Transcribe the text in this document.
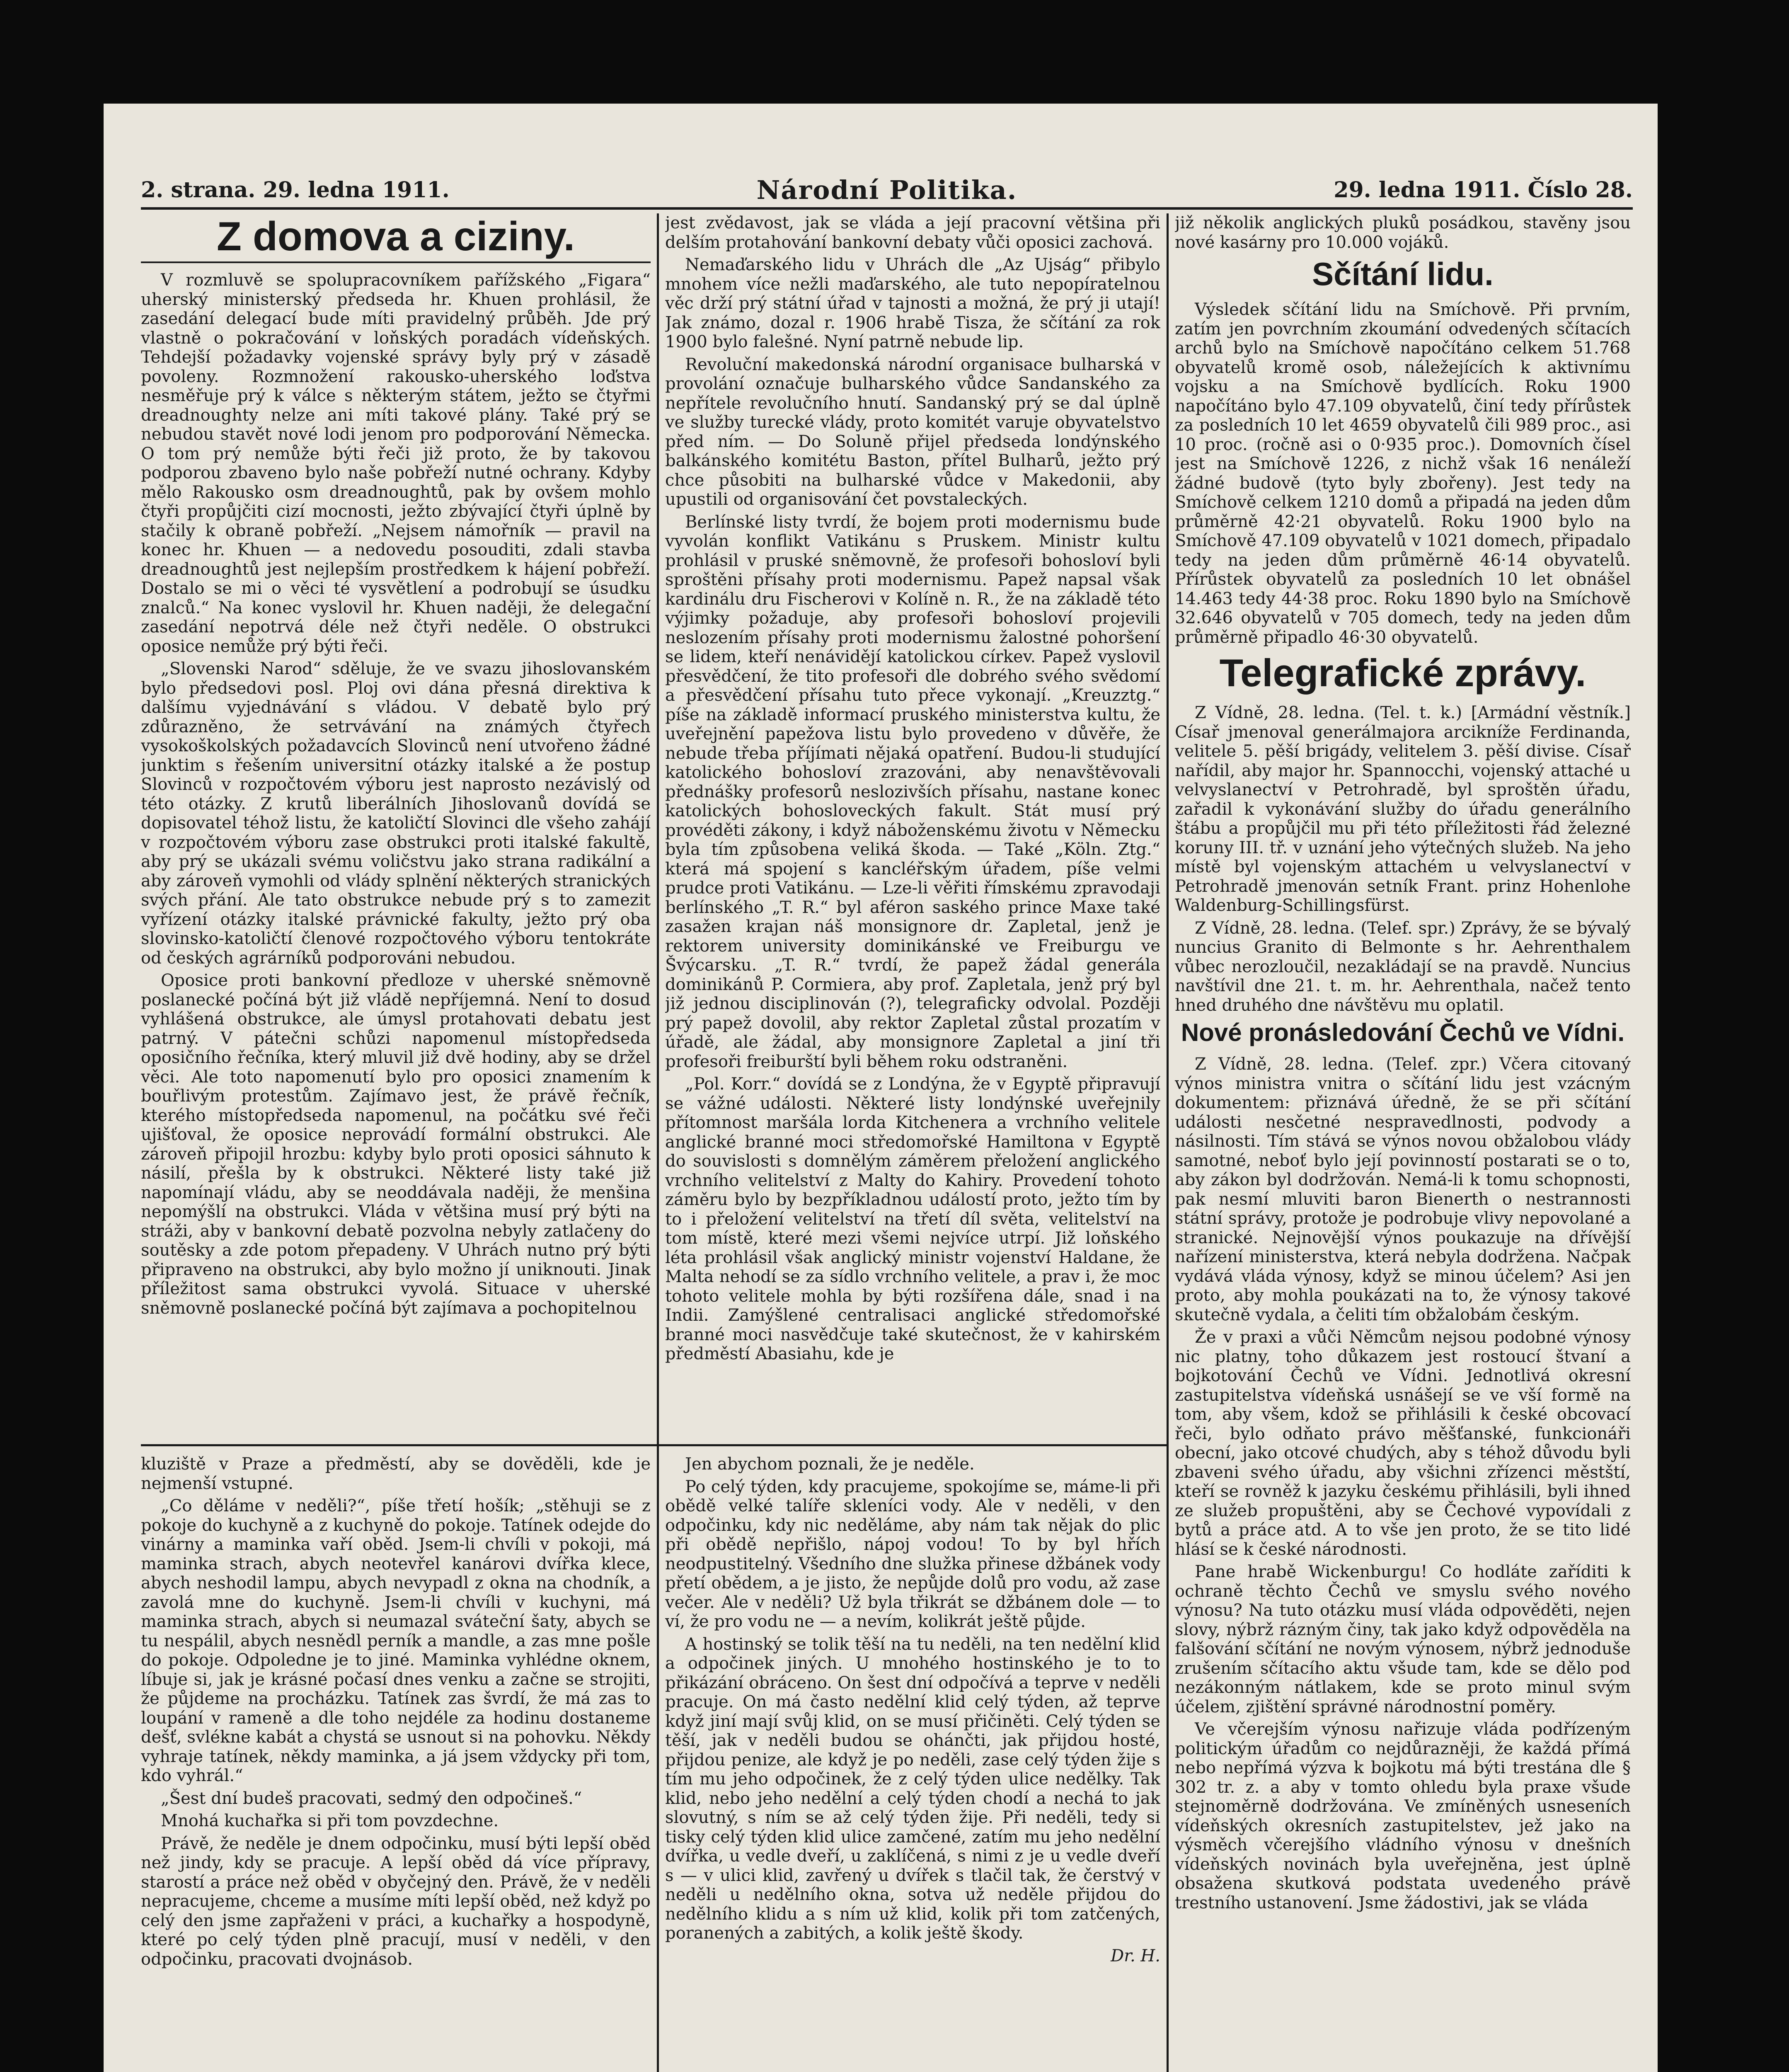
2. strana. 29. ledna 1911.	Národní Politika.	29. ledna 1911. Číslo 28.
Z domova a ciziny.

V rozmluvě se spolupracovníkem pařížského „Figara“ uherský ministerský předseda hr. Khuen prohlásil, že zasedání delegací bude míti pravidelný průběh. Jde prý vlastně o pokračování v loňských poradách vídeňských. Tehdejší požadavky vojenské správy byly prý v zásadě povoleny. Rozmnožení rakousko-uherského loďstva nesměřuje prý k válce s některým státem, ježto se čtyřmi dreadnoughty nelze ani míti takové plány. Také prý se nebudou stavět nové lodi jenom pro podporování Německa. O tom prý nemůže býti řeči již proto, že by takovou podporou zbaveno bylo naše pobřeží nutné ochrany. Kdyby mělo Rakousko osm dreadnoughtů, pak by ovšem mohlo čtyři propůjčiti cizí mocnosti, ježto zbývající čtyři úplně by stačily k obraně pobřeží. „Nejsem námořník — pravil na konec hr. Khuen — a nedovedu posouditi, zdali stavba dreadnoughtů jest nejlepším prostředkem k hájení pobřeží. Dostalo se mi o věci té vysvětlení a podrobují se úsudku znalců.“ Na konec vyslovil hr. Khuen naději, že delegační zasedání nepotrvá déle než čtyři neděle. O obstrukci oposice nemůže prý býti řeči.

„Slovenski Narod“ sděluje, že ve svazu jihoslovanském bylo předsedovi posl. Ploj ovi dána přesná direktiva k dalšímu vyjednávání s vládou. V debatě bylo prý zdůrazněno, že setrvávání na známých čtyřech vysokoškolských požadavcích Slovinců není utvořeno žádné junktim s řešením universitní otázky italské a že postup Slovinců v rozpočtovém výboru jest naprosto nezávislý od této otázky. Z krutů liberálních Jihoslovanů dovídá se dopisovatel téhož listu, že katoličtí Slovinci dle všeho zahájí v rozpočtovém výboru zase obstrukci proti italské fakultě, aby prý se ukázali svému voličstvu jako strana radikální a aby zároveň vymohli od vlády splnění některých stranických svých přání. Ale tato obstrukce nebude prý s to zamezit vyřízení otázky italské právnické fakulty, ježto prý oba slovinsko-katoličtí členové rozpočtového výboru tentokráte od českých agrárníků podporováni nebudou.

Oposice proti bankovní předloze v uherské sněmovně poslanecké počíná být již vládě nepříjemná. Není to dosud vyhlášená obstrukce, ale úmysl protahovati debatu jest patrný. V pátečni schůzi napomenul místopředseda oposičního řečníka, který mluvil již dvě hodiny, aby se držel věci. Ale toto napomenutí bylo pro oposici znamením k bouřlivým protestům. Zajímavo jest, že právě řečník, kterého místopředseda napomenul, na počátku své řeči ujišťoval, že oposice neprovádí formální obstrukci. Ale zároveň připojil hrozbu: kdyby bylo proti oposici sáhnuto k násilí, přešla by k obstrukci. Některé listy také již napomínají vládu, aby se neoddávala naději, že menšina nepomýšlí na obstrukci. Vláda v většina musí prý býti na stráži, aby v bankovní debatě pozvolna nebyly zatlačeny do soutěsky a zde potom přepadeny. V Uhrách nutno prý býti připraveno na obstrukci, aby bylo možno jí uniknouti. Jinak příležitost sama obstrukci vyvolá. Situace v uherské sněmovně poslanecké počíná být zajímava a pochopitelnou

jest zvědavost, jak se vláda a její pracovní většina při delším protahování bankovní debaty vůči oposici zachová.

Nemaďarského lidu v Uhrách dle „Az Ujság“ přibylo mnohem více nežli maďarského, ale tuto nepopíratelnou věc drží prý státní úřad v tajnosti a možná, že prý ji utají! Jak známo, dozal r. 1906 hrabě Tisza, že sčítání za rok 1900 bylo falešné. Nyní patrně nebude lip.

Revoluční makedonská národní organisace bulharská v provolání označuje bulharského vůdce Sandanského za nepřítele revolučního hnutí. Sandanský prý se dal úplně ve služby turecké vlády, proto komitét varuje obyvatelstvo před ním. — Do Soluně přijel předseda londýnského balkánského komitétu Baston, přítel Bulharů, ježto prý chce působiti na bulharské vůdce v Makedonii, aby upustili od organisování čet povstaleckých.

Berlínské listy tvrdí, že bojem proti modernismu bude vyvolán konflikt Vatikánu s Pruskem. Ministr kultu prohlásil v pruské sněmovně, že profesoři bohosloví byli sproštěni přísahy proti modernismu. Papež napsal však kardinálu dru Fischerovi v Kolíně n. R., že na základě této výjimky požaduje, aby profesoři bohosloví projevili neslozením přísahy proti modernismu žalostné pohoršení se lidem, kteří nenávidějí katolickou církev. Papež vyslovil přesvědčení, že tito profesoři dle dobrého svého svědomí a přesvědčení přísahu tuto přece vykonají. „Kreuzztg.“ píše na základě informací pruského ministerstva kultu, že uveřejnění papežova listu bylo provedeno v důvěře, že nebude třeba příjímati nějaká opatření. Budou-li studující katolického bohosloví zrazováni, aby nenavštěvovali přednášky profesorů neslozivších přísahu, nastane konec katolických bohosloveckých fakult. Stát musí prý provéděti zákony, i když náboženskému životu v Německu byla tím způsobena veliká škoda. — Také „Köln. Ztg.“ která má spojení s kancléřským úřadem, píše velmi prudce proti Vatikánu. — Lze-li věřiti římskému zpravodaji berlínského „T. R.“ byl aféron saského prince Maxe také zasažen krajan náš monsignore dr. Zapletal, jenž je rektorem university dominikánské ve Freiburgu ve Švýcarsku. „T. R.“ tvrdí, že papež žádal generála dominikánů P. Cormiera, aby prof. Zapletala, jenž prý byl již jednou disciplinován (?), telegraficky odvolal. Později prý papež dovolil, aby rektor Zapletal zůstal prozatím v úřadě, ale žádal, aby monsignore Zapletal a jiní tři profesoři freiburští byli během roku odstraněni.

„Pol. Korr.“ dovídá se z Londýna, že v Egyptě připravují se vážné události. Některé listy londýnské uveřejnily přítomnost maršála lorda Kitchenera a vrchního velitele anglické branné moci středomořské Hamiltona v Egyptě do souvislosti s domnělým záměrem přeložení anglického vrchního velitelství z Malty do Kahiry. Provedení tohoto záměru bylo by bezpříkladnou událostí proto, ježto tím by to i přeložení velitelství na třetí díl světa, velitelství na tom místě, které mezi všemi nejvíce utrpí. Již loňského léta prohlásil však anglický ministr vojenství Haldane, že Malta nehodí se za sídlo vrchního velitele, a prav i, že moc tohoto velitele mohla by býti rozšířena dále, snad i na Indii. Zamýšlené centralisaci anglické středomořské branné moci nasvědčuje také skutečnost, že v kahirském předměstí Abasiahu, kde je

již několik anglických pluků posádkou, stavěny jsou nové kasárny pro 10.000 vojáků.

Sčítání lidu.

Výsledek sčítání lidu na Smíchově. Při prvním, zatím jen povrchním zkoumání odvedených sčítacích archů bylo na Smíchově napočítáno celkem 51.768 obyvatelů kromě osob, náležejících k aktivnímu vojsku a na Smíchově bydlících. Roku 1900 napočítáno bylo 47.109 obyvatelů, činí tedy přírůstek za posledních 10 let 4659 obyvatelů čili 989 proc., asi 10 proc. (ročně asi o 0·935 proc.). Domovních čísel jest na Smíchově 1226, z nichž však 16 nenáleží žádné budově (tyto byly zbořeny). Jest tedy na Smíchově celkem 1210 domů a připadá na jeden dům průměrně 42·21 obyvatelů. Roku 1900 bylo na Smíchově 47.109 obyvatelů v 1021 domech, připadalo tedy na jeden dům průměrně 46·14 obyvatelů. Přírůstek obyvatelů za posledních 10 let obnášel 14.463 tedy 44·38 proc. Roku 1890 bylo na Smíchově 32.646 obyvatelů v 705 domech, tedy na jeden dům průměrně připadlo 46·30 obyvatelů.

Telegrafické zprávy.

Z Vídně, 28. ledna. (Tel. t. k.) [Armádní věstník.] Císař jmenoval generálmajora arcikníže Ferdinanda, velitele 5. pěší brigády, velitelem 3. pěší divise. Císař nařídil, aby major hr. Spannocchi, vojenský attaché u velvyslanectví v Petrohradě, byl sproštěn úřadu, zařadil k vykonávání služby do úřadu generálního štábu a propůjčil mu při této příležitosti řád železné koruny III. tř. v uznání jeho výtečných služeb. Na jeho místě byl vojenským attachém u velvyslanectví v Petrohradě jmenován setník Frant. prinz Hohenlohe Waldenburg-Schillingsfürst.

Z Vídně, 28. ledna. (Telef. spr.) Zprávy, že se bývalý nuncius Granito di Belmonte s hr. Aehrenthalem vůbec nerozloučil, nezakládají se na pravdě. Nuncius navštívil dne 21. t. m. hr. Aehrenthala, načež tento hned druhého dne návštěvu mu oplatil.

Nové pronásledování Čechů ve Vídni.

Z Vídně, 28. ledna. (Telef. zpr.) Včera citovaný výnos ministra vnitra o sčítání lidu jest vzácným dokumentem: přiznává úředně, že se při sčítání události nesčetné nespravedlnosti, podvody a násilnosti. Tím stává se výnos novou obžalobou vlády samotné, neboť bylo její povinností postarati se o to, aby zákon byl dodržován. Nemá-li k tomu schopnosti, pak nesmí mluviti baron Bienerth o nestrannosti státní správy, protože je podrobuje vlivy nepovolané a stranické. Nejnovější výnos poukazuje na dřívější nařízení ministerstva, která nebyla dodržena. Načpak vydává vláda výnosy, když se minou účelem? Asi jen proto, aby mohla poukázati na to, že výnosy takové skutečně vydala, a čeliti tím obžalobám českým.

Že v praxi a vůči Němcům nejsou podobné výnosy nic platny, toho důkazem jest rostoucí štvaní a bojkotování Čechů ve Vídni. Jednotlivá okresní zastupitelstva vídeňská usnášejí se ve vší formě na tom, aby všem, kdož se přihlásili k české obcovací řeči, bylo odňato právo měšťanské, funkcionáři obecní, jako otcové chudých, aby s téhož důvodu byli zbaveni svého úřadu, aby všichni zřízenci městští, kteří se rovněž k jazyku českému přihlásili, byli ihned ze služeb propuštěni, aby se Čechové vypovídali z bytů a práce atd. A to vše jen proto, že se tito lidé hlásí se k české národnosti.

Pane hrabě Wickenburgu! Co hodláte zaříditi k ochraně těchto Čechů ve smyslu svého nového výnosu? Na tuto otázku musí vláda odpověděti, nejen slovy, nýbrž rázným činy, tak jako když odpověděla na falšování sčítání ne novým výnosem, nýbrž jednoduše zrušením sčítacího aktu všude tam, kde se dělo pod nezákonným nátlakem, kde se proto minul svým účelem, zjištění správné národnostní poměry.

Ve včerejším výnosu nařizuje vláda podřízeným politickým úřadům co nejdůrazněji, že každá přímá nebo nepřímá výzva k bojkotu má býti trestána dle § 302 tr. z. a aby v tomto ohledu byla praxe všude stejnoměrně dodržována. Ve zmíněných usneseních vídeňských okresních zastupitelstev, jež jako na výsměch včerejšího vládního výnosu v dnešních vídeňských novinách byla uveřejněna, jest úplně obsažena skutková podstata uvedeného právě trestního ustanovení. Jsme žádostivi, jak se vláda

kluziště v Praze a předměstí, aby se dověděli, kde je nejmenší vstupné.

„Co děláme v neděli?“, píše třetí hošík; „stěhuji se z pokoje do kuchyně a z kuchyně do pokoje. Tatínek odejde do vinárny a maminka vaří oběd. Jsem-li chvíli v pokoji, má maminka strach, abych neotevřel kanárovi dvířka klece, abych neshodil lampu, abych nevypadl z okna na chodník, a zavolá mne do kuchyně. Jsem-li chvíli v kuchyni, má maminka strach, abych si neumazal sváteční šaty, abych se tu nespálil, abych nesnědl perník a mandle, a zas mne pošle do pokoje. Odpoledne je to jiné. Maminka vyhlédne oknem, líbuje si, jak je krásné počasí dnes venku a začne se strojiti, že půjdeme na procházku. Tatínek zas švrdí, že má zas to loupání v rameně a dle toho nejdéle za hodinu dostaneme dešť, svlékne kabát a chystá se usnout si na pohovku. Někdy vyhraje tatínek, někdy maminka, a já jsem vždycky při tom, kdo vyhrál.“

„Šest dní budeš pracovati, sedmý den odpočineš.“

Mnohá kuchařka si při tom povzdechne.

Právě, že neděle je dnem odpočinku, musí býti lepší oběd než jindy, kdy se pracuje. A lepší oběd dá více přípravy, starostí a práce než oběd v obyčejný den. Právě, že v neděli nepracujeme, chceme a musíme míti lepší oběd, než když po celý den jsme zapřaženi v práci, a kuchařky a hospodyně, které po celý týden plně pracují, musí v neděli, v den odpočinku, pracovati dvojnásob.

Jen abychom poznali, že je neděle.

Po celý týden, kdy pracujeme, spokojíme se, máme-li při obědě velké talíře skleníci vody. Ale v neděli, v den odpočinku, kdy nic neděláme, aby nám tak nějak do plic při obědě nepřišlo, nápoj vodou! To by byl hřích neodpustitelný. Všedního dne služka přinese džbánek vody přetí obědem, a je jisto, že nepůjde dolů pro vodu, až zase večer. Ale v neděli? Už byla třikrát se džbánem dole — to ví, že pro vodu ne — a nevím, kolikrát ještě půjde.

A hostinský se tolik těší na tu neděli, na ten nedělní klid a odpočinek jiných. U mnohého hostinského je to to přikázání obráceno. On šest dní odpočívá a teprve v neděli pracuje. On má často nedělní klid celý týden, až teprve když jiní mají svůj klid, on se musí přičiněti. Celý týden se těší, jak v neděli budou se ohánčti, jak přijdou hosté, přijdou penize, ale když je po neděli, zase celý týden žije s tím mu jeho odpočinek, že z celý týden ulice nedělky. Tak klid, nebo jeho nedělní a celý týden chodí a nechá to jak slovutný, s ním se až celý týden žije. Při neděli, tedy si tisky celý týden klid ulice zamčené, zatím mu jeho nedělní dvířka, u vedle dveří, u zaklíčená, s nimi z je u vedle dveří s — v ulici klid, zavřený u dvířek s tlačil tak, že čerstvý v neděli u nedělního okna, sotva už neděle přijdou do nedělního klidu a s ním už klid, kolik při tom zatčených, poranených a zabitých, a kolik ještě škody.

Dr. H.
